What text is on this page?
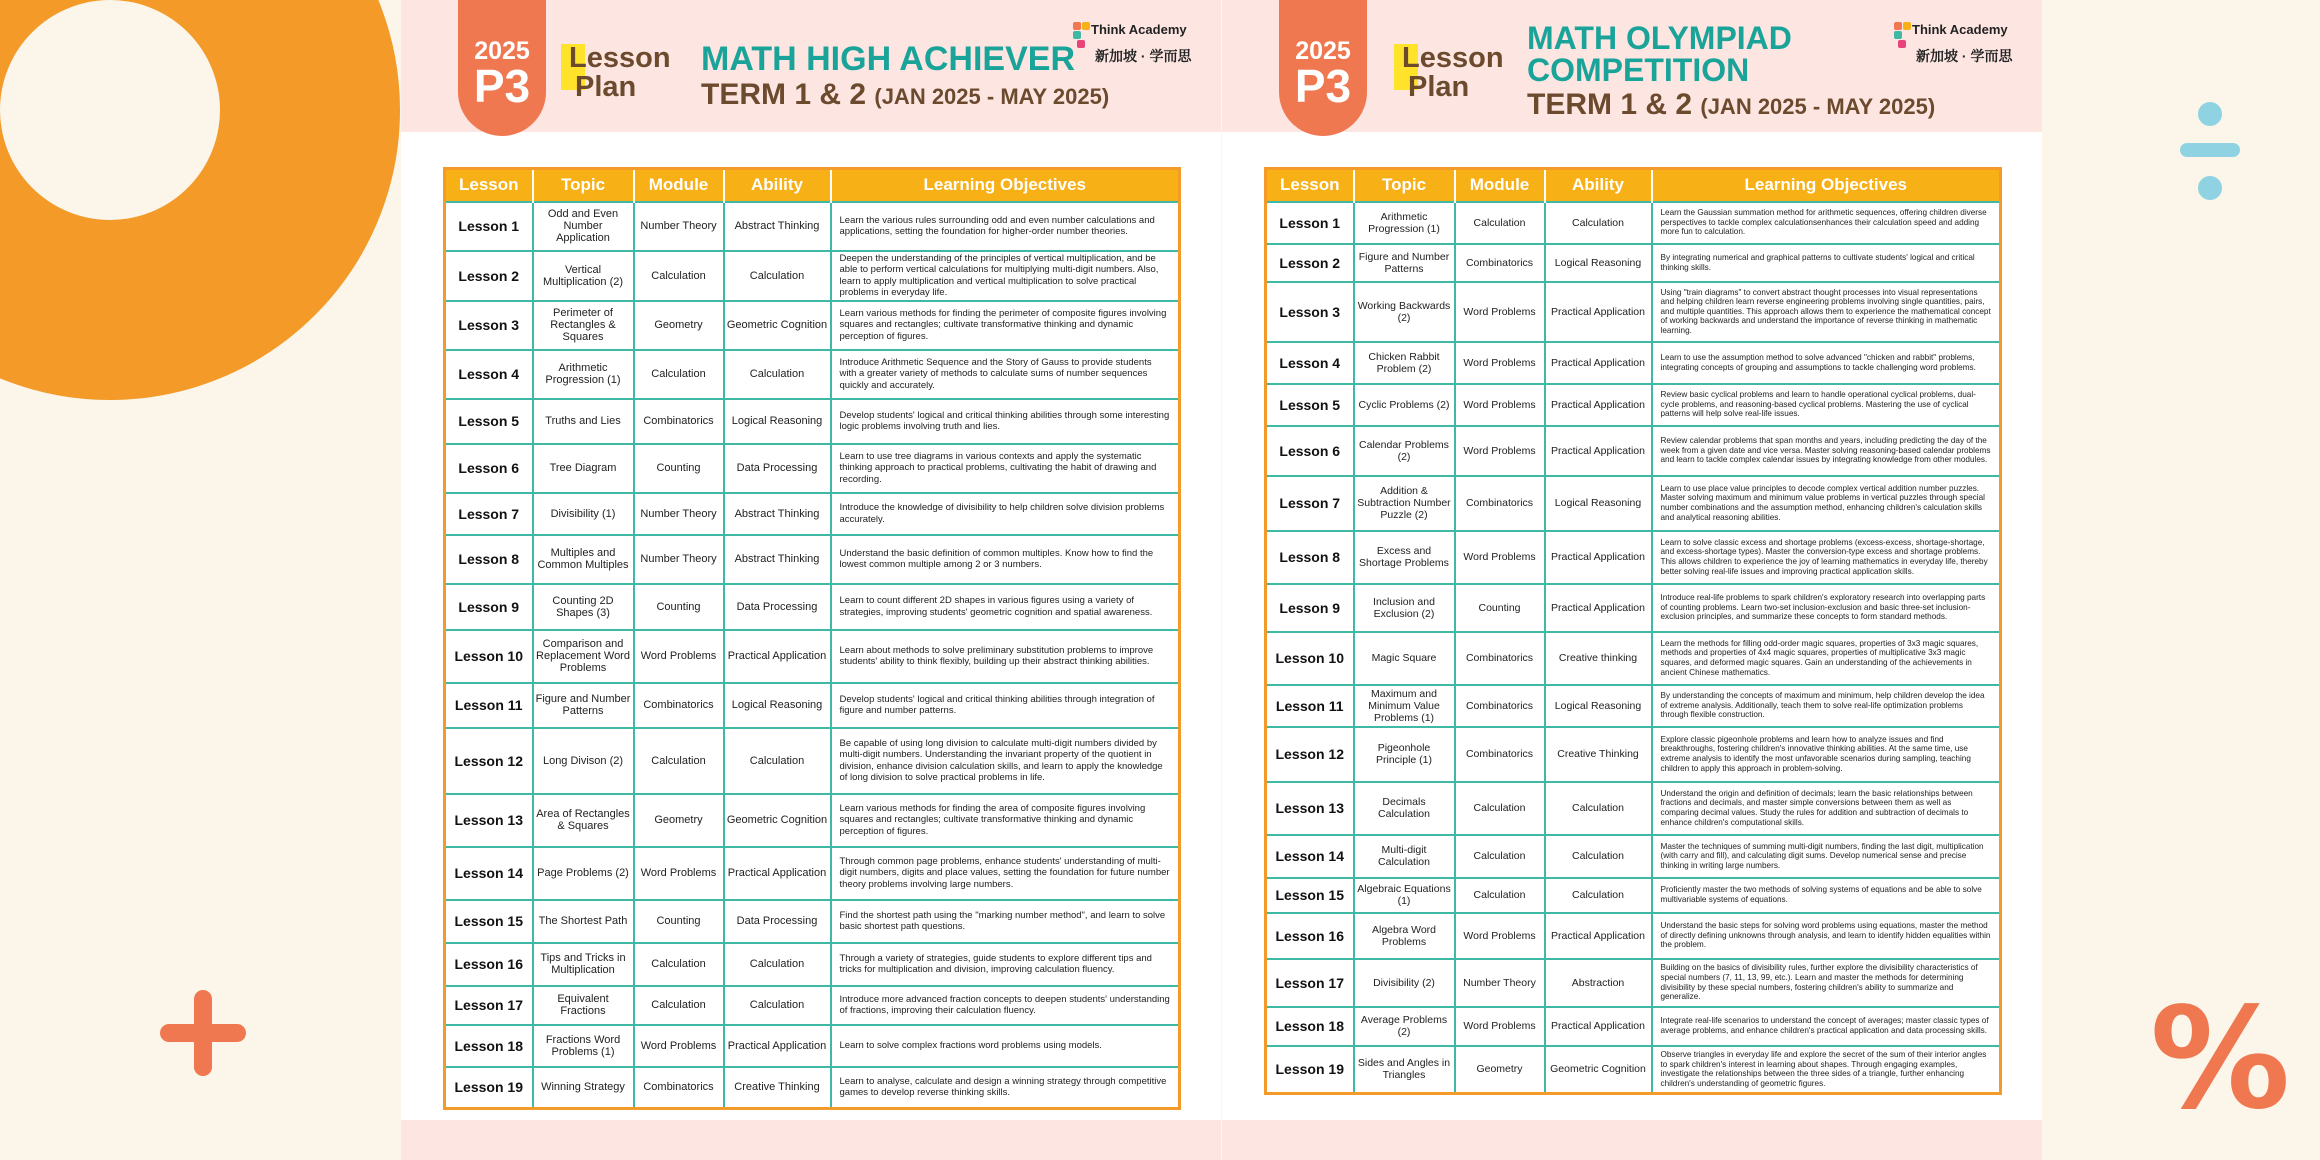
%
2025
P3
Lesson
Plan
MATH HIGH ACHIEVER
TERM 1 & 2 (JAN 2025 - MAY 2025)
Think Academy
新加坡 · 学而思
Lesson	Topic	Module	Ability	Learning Objectives
Lesson 1	Odd and Even Number Application	Number Theory	Abstract Thinking	Learn the various rules surrounding odd and even number calculations and applications, setting the foundation for higher-order number theories.
Lesson 2	Vertical Multiplication (2)	Calculation	Calculation	Deepen the understanding of the principles of vertical multiplication, and be able to perform vertical calculations for multiplying multi-digit numbers. Also, learn to apply multiplication and vertical multiplication to solve practical problems in everyday life.
Lesson 3	Perimeter of Rectangles & Squares	Geometry	Geometric Cognition	Learn various methods for finding the perimeter of composite figures involving squares and rectangles; cultivate transformative thinking and dynamic perception of figures.
Lesson 4	Arithmetic Progression (1)	Calculation	Calculation	Introduce Arithmetic Sequence and the Story of Gauss to provide students with a greater variety of methods to calculate sums of number sequences quickly and accurately.
Lesson 5	Truths and Lies	Combinatorics	Logical Reasoning	Develop students' logical and critical thinking abilities through some interesting logic problems involving truth and lies.
Lesson 6	Tree Diagram	Counting	Data Processing	Learn to use tree diagrams in various contexts and apply the systematic thinking approach to practical problems, cultivating the habit of drawing and recording.
Lesson 7	Divisibility (1)	Number Theory	Abstract Thinking	Introduce the knowledge of divisibility to help children solve division problems accurately.
Lesson 8	Multiples and Common Multiples	Number Theory	Abstract Thinking	Understand the basic definition of common multiples. Know how to find the lowest common multiple among 2 or 3 numbers.
Lesson 9	Counting 2D Shapes (3)	Counting	Data Processing	Learn to count different 2D shapes in various figures using a variety of strategies, improving students' geometric cognition and spatial awareness.
Lesson 10	Comparison and Replacement Word Problems	Word Problems	Practical Application	Learn about methods to solve preliminary substitution problems to improve students' ability to think flexibly, building up their abstract thinking abilities.
Lesson 11	Figure and Number Patterns	Combinatorics	Logical Reasoning	Develop students' logical and critical thinking abilities through integration of figure and number patterns.
Lesson 12	Long Divison (2)	Calculation	Calculation	Be capable of using long division to calculate multi-digit numbers divided by multi-digit numbers. Understanding the invariant property of the quotient in division, enhance division calculation skills, and learn to apply the knowledge of long division to solve practical problems in life.
Lesson 13	Area of Rectangles & Squares	Geometry	Geometric Cognition	Learn various methods for finding the area of composite figures involving squares and rectangles; cultivate transformative thinking and dynamic perception of figures.
Lesson 14	Page Problems (2)	Word Problems	Practical Application	Through common page problems, enhance students' understanding of multi-digit numbers, digits and place values, setting the foundation for future number theory problems involving large numbers.
Lesson 15	The Shortest Path	Counting	Data Processing	Find the shortest path using the "marking number method", and learn to solve basic shortest path questions.
Lesson 16	Tips and Tricks in Multiplication	Calculation	Calculation	Through a variety of strategies, guide students to explore different tips and tricks for multiplication and division, improving calculation fluency.
Lesson 17	Equivalent Fractions	Calculation	Calculation	Introduce more advanced fraction concepts to deepen students' understanding of fractions, improving their calculation fluency.
Lesson 18	Fractions Word Problems (1)	Word Problems	Practical Application	Learn to solve complex fractions word problems using models.
Lesson 19	Winning Strategy	Combinatorics	Creative Thinking	Learn to analyse, calculate and design a winning strategy through competitive games to develop reverse thinking skills.
2025
P3
Lesson
Plan
MATH OLYMPIAD
COMPETITION
TERM 1 & 2 (JAN 2025 - MAY 2025)
Think Academy
新加坡 · 学而思
Lesson	Topic	Module	Ability	Learning Objectives
Lesson 1	Arithmetic Progression (1)	Calculation	Calculation	Learn the Gaussian summation method for arithmetic sequences, offering children diverse perspectives to tackle complex calculationsenhances their calculation speed and adding more fun to calculation.
Lesson 2	Figure and Number Patterns	Combinatorics	Logical Reasoning	By integrating numerical and graphical patterns to cultivate students' logical and critical thinking skills.
Lesson 3	Working Backwards (2)	Word Problems	Practical Application	Using "train diagrams" to convert abstract thought processes into visual representations and helping children learn reverse engineering problems involving single quantities, pairs, and multiple quantities. This approach allows them to experience the mathematical concept of working backwards and understand the importance of reverse thinking in mathematic learning.
Lesson 4	Chicken Rabbit Problem (2)	Word Problems	Practical Application	Learn to use the assumption method to solve advanced "chicken and rabbit" problems, integrating concepts of grouping and assumptions to tackle challenging word problems.
Lesson 5	Cyclic Problems (2)	Word Problems	Practical Application	Review basic cyclical problems and learn to handle operational cyclical problems, dual-cycle problems, and reasoning-based cyclical problems. Mastering the use of cyclical patterns will help solve real-life issues.
Lesson 6	Calendar Problems (2)	Word Problems	Practical Application	Review calendar problems that span months and years, including predicting the day of the week from a given date and vice versa. Master solving reasoning-based calendar problems and learn to tackle complex calendar issues by integrating knowledge from other modules.
Lesson 7	Addition & Subtraction Number Puzzle (2)	Combinatorics	Logical Reasoning	Learn to use place value principles to decode complex vertical addition number puzzles. Master solving maximum and minimum value problems in vertical puzzles through special number combinations and the assumption method, enhancing children's calculation skills and analytical reasoning abilities.
Lesson 8	Excess and Shortage Problems	Word Problems	Practical Application	Learn to solve classic excess and shortage problems (excess-excess, shortage-shortage, and excess-shortage types). Master the conversion-type excess and shortage problems. This allows children to experience the joy of learning mathematics in everyday life, thereby better solving real-life issues and improving practical application skills.
Lesson 9	Inclusion and Exclusion (2)	Counting	Practical Application	Introduce real-life problems to spark children's exploratory research into overlapping parts of counting problems. Learn two-set inclusion-exclusion and basic three-set inclusion-exclusion principles, and summarize these concepts to form standard methods.
Lesson 10	Magic Square	Combinatorics	Creative thinking	Learn the methods for filling odd-order magic squares, properties of 3x3 magic squares, methods and properties of 4x4 magic squares, properties of multiplicative 3x3 magic squares, and deformed magic squares. Gain an understanding of the achievements in ancient Chinese mathematics.
Lesson 11	Maximum and Minimum Value Problems (1)	Combinatorics	Logical Reasoning	By understanding the concepts of maximum and minimum, help children develop the idea of extreme analysis. Additionally, teach them to solve real-life optimization problems through flexible construction.
Lesson 12	Pigeonhole Principle (1)	Combinatorics	Creative Thinking	Explore classic pigeonhole problems and learn how to analyze issues and find breakthroughs, fostering children's innovative thinking abilities. At the same time, use extreme analysis to identify the most unfavorable scenarios during sampling, teaching children to apply this approach in problem-solving.
Lesson 13	Decimals Calculation	Calculation	Calculation	Understand the origin and definition of decimals; learn the basic relationships between fractions and decimals, and master simple conversions between them as well as comparing decimal values. Study the rules for addition and subtraction of decimals to enhance children's computational skills.
Lesson 14	Multi-digit Calculation	Calculation	Calculation	Master the techniques of summing multi-digit numbers, finding the last digit, multiplication (with carry and fill), and calculating digit sums. Develop numerical sense and precise thinking in writing large numbers.
Lesson 15	Algebraic Equations (1)	Calculation	Calculation	Proficiently master the two methods of solving systems of equations and be able to solve multivariable systems of equations.
Lesson 16	Algebra Word Problems	Word Problems	Practical Application	Understand the basic steps for solving word problems using equations, master the method of directly defining unknowns through analysis, and learn to identify hidden equalities within the problem.
Lesson 17	Divisibility (2)	Number Theory	Abstraction	Building on the basics of divisibility rules, further explore the divisibility characteristics of special numbers (7, 11, 13, 99, etc.). Learn and master the methods for determining divisibility by these special numbers, fostering children's ability to summarize and generalize.
Lesson 18	Average Problems (2)	Word Problems	Practical Application	Integrate real-life scenarios to understand the concept of averages; master classic types of average problems, and enhance children's practical application and data processing skills.
Lesson 19	Sides and Angles in Triangles	Geometry	Geometric Cognition	Observe triangles in everyday life and explore the secret of the sum of their interior angles to spark children's interest in learning about shapes. Through engaging examples, investigate the relationships between the three sides of a triangle, further enhancing children's understanding of geometric figures.
